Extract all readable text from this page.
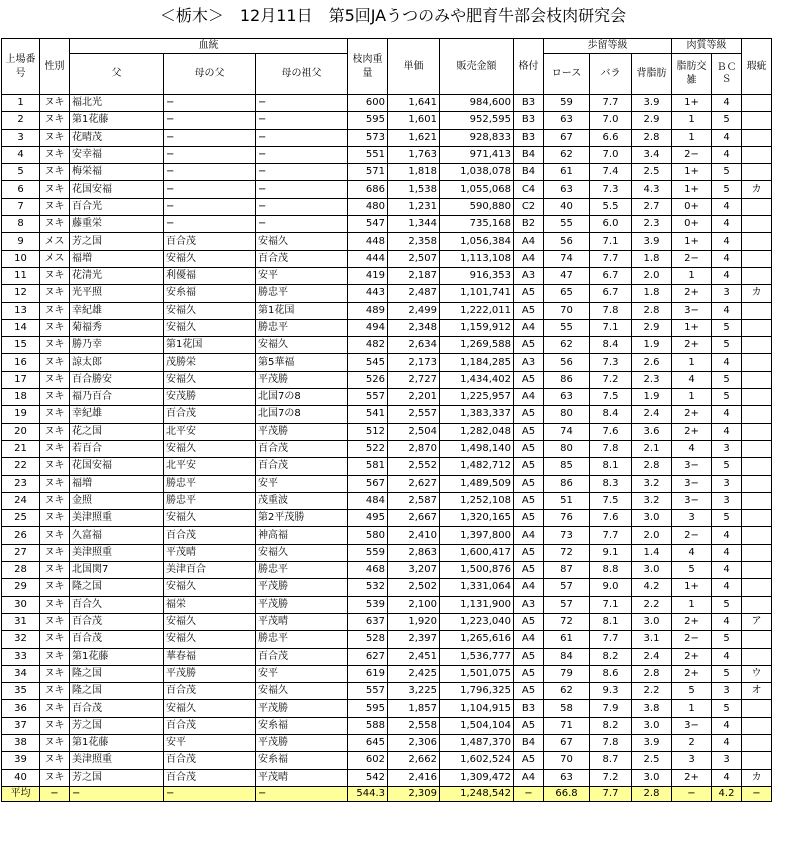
＜栃木＞　12月11日　第5回JAうつのみや肥育牛部会枝肉研究会
上場番号	性別	血統			枝肉重量	単価	販売金額	格付	歩留等級			肉質等級		瑕疵
		父	母の父	母の祖父					ロース	バラ	背脂肪	脂肪交雑	ＢＣＳ	
1	ヌキ	福北光	−	−	600	1,641	984,600	B3	59	7.7	3.9	1+	4	
2	ヌキ	第1花藤	−	−	595	1,601	952,595	B3	63	7.0	2.9	1	5	
3	ヌキ	花晴茂	−	−	573	1,621	928,833	B3	67	6.6	2.8	1	4	
4	ヌキ	安幸福	−	−	551	1,763	971,413	B4	62	7.0	3.4	2−	4	
5	ヌキ	梅栄福	−	−	571	1,818	1,038,078	B4	61	7.4	2.5	1+	5	
6	ヌキ	花国安福	−	−	686	1,538	1,055,068	C4	63	7.3	4.3	1+	5	カ
7	ヌキ	百合光	−	−	480	1,231	590,880	C2	40	5.5	2.7	0+	4	
8	ヌキ	藤重栄	−	−	547	1,344	735,168	B2	55	6.0	2.3	0+	4	
9	メス	芳之国	百合茂	安福久	448	2,358	1,056,384	A4	56	7.1	3.9	1+	4	
10	メス	福増	安福久	百合茂	444	2,507	1,113,108	A4	74	7.7	1.8	2−	4	
11	ヌキ	花清光	利優福	安平	419	2,187	916,353	A3	47	6.7	2.0	1	4	
12	ヌキ	光平照	安糸福	勝忠平	443	2,487	1,101,741	A5	65	6.7	1.8	2+	3	カ
13	ヌキ	幸紀雄	安福久	第1花国	489	2,499	1,222,011	A5	70	7.8	2.8	3−	4	
14	ヌキ	菊福秀	安福久	勝忠平	494	2,348	1,159,912	A4	55	7.1	2.9	1+	5	
15	ヌキ	勝乃幸	第1花国	安福久	482	2,634	1,269,588	A5	62	8.4	1.9	2+	5	
16	ヌキ	諒太郎	茂勝栄	第5華福	545	2,173	1,184,285	A3	56	7.3	2.6	1	4	
17	ヌキ	百合勝安	安福久	平茂勝	526	2,727	1,434,402	A5	86	7.2	2.3	4	5	
18	ヌキ	福乃百合	安茂勝	北国7の8	557	2,201	1,225,957	A4	63	7.5	1.9	1	5	
19	ヌキ	幸紀雄	百合茂	北国7の8	541	2,557	1,383,337	A5	80	8.4	2.4	2+	4	
20	ヌキ	花之国	北平安	平茂勝	512	2,504	1,282,048	A5	74	7.6	3.6	2+	4	
21	ヌキ	若百合	安福久	百合茂	522	2,870	1,498,140	A5	80	7.8	2.1	4	3	
22	ヌキ	花国安福	北平安	百合茂	581	2,552	1,482,712	A5	85	8.1	2.8	3−	5	
23	ヌキ	福増	勝忠平	安平	567	2,627	1,489,509	A5	86	8.3	3.2	3−	3	
24	ヌキ	金照	勝忠平	茂重波	484	2,587	1,252,108	A5	51	7.5	3.2	3−	3	
25	ヌキ	美津照重	安福久	第2平茂勝	495	2,667	1,320,165	A5	76	7.6	3.0	3	5	
26	ヌキ	久富福	百合茂	神高福	580	2,410	1,397,800	A4	73	7.7	2.0	2−	4	
27	ヌキ	美津照重	平茂晴	安福久	559	2,863	1,600,417	A5	72	9.1	1.4	4	4	
28	ヌキ	北国関7	美津百合	勝忠平	468	3,207	1,500,876	A5	87	8.8	3.0	5	4	
29	ヌキ	隆之国	安福久	平茂勝	532	2,502	1,331,064	A4	57	9.0	4.2	1+	4	
30	ヌキ	百合久	福栄	平茂勝	539	2,100	1,131,900	A3	57	7.1	2.2	1	5	
31	ヌキ	百合茂	安福久	平茂晴	637	1,920	1,223,040	A5	72	8.1	3.0	2+	4	ア
32	ヌキ	百合茂	安福久	勝忠平	528	2,397	1,265,616	A4	61	7.7	3.1	2−	5	
33	ヌキ	第1花藤	華春福	百合茂	627	2,451	1,536,777	A5	84	8.2	2.4	2+	4	
34	ヌキ	隆之国	平茂勝	安平	619	2,425	1,501,075	A5	79	8.6	2.8	2+	5	ウ
35	ヌキ	隆之国	百合茂	安福久	557	3,225	1,796,325	A5	62	9.3	2.2	5	3	オ
36	ヌキ	百合茂	安福久	平茂勝	595	1,857	1,104,915	B3	58	7.9	3.8	1	5	
37	ヌキ	芳之国	百合茂	安糸福	588	2,558	1,504,104	A5	71	8.2	3.0	3−	4	
38	ヌキ	第1花藤	安平	平茂勝	645	2,306	1,487,370	B4	67	7.8	3.9	2	4	
39	ヌキ	美津照重	百合茂	安糸福	602	2,662	1,602,524	A5	70	8.7	2.5	3	3	
40	ヌキ	芳之国	百合茂	平茂晴	542	2,416	1,309,472	A4	63	7.2	3.0	2+	4	カ
平均	−	−	−	−	544.3	2,309	1,248,542	−	66.8	7.7	2.8	−	4.2	−
